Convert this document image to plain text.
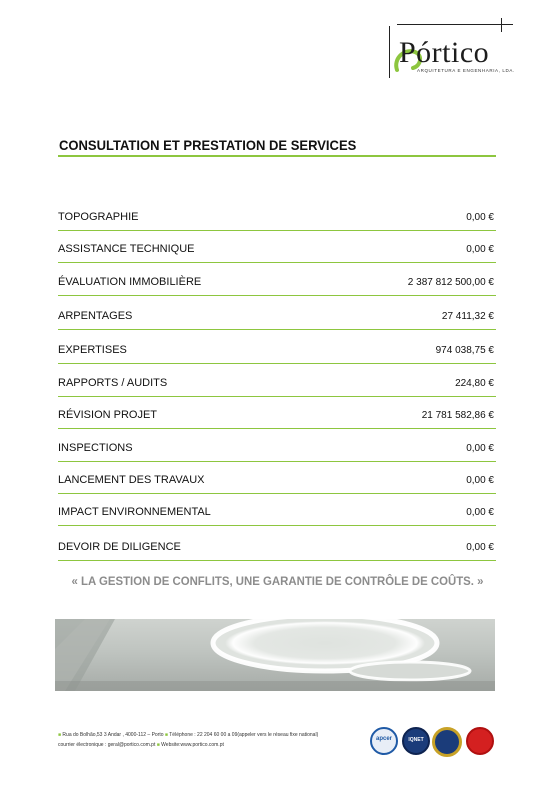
Pórtico
ARQUITETURA E ENGENHARIA, LDA.
CONSULTATION ET PRESTATION DE SERVICES
TOPOGRAPHIE	0,00 €
ASSISTANCE TECHNIQUE	0,00 €
ÉVALUATION IMMOBILIÈRE	2 387 812 500,00 €
ARPENTAGES	27 411,32 €
EXPERTISES	974 038,75 €
RAPPORTS / AUDITS	224,80 €
RÉVISION PROJET	21 781 582,86 €
INSPECTIONS	0,00 €
LANCEMENT DES TRAVAUX	0,00 €
IMPACT ENVIRONNEMENTAL	0,00 €
DEVOIR DE DILIGENCE	0,00 €
« LA GESTION DE CONFLITS, UNE GARANTIE DE CONTRÔLE DE COÛTS. »
■ Rua do Bolhão,53 3 Andar , 4000-112 – Porto ■ Téléphone : 22 204 60 00 a 09(appeler vers le réseau fixe national)
courrier électronique : geral@portico.com.pt ■ Website:www.portico.com.pt
apcer	IQNET
